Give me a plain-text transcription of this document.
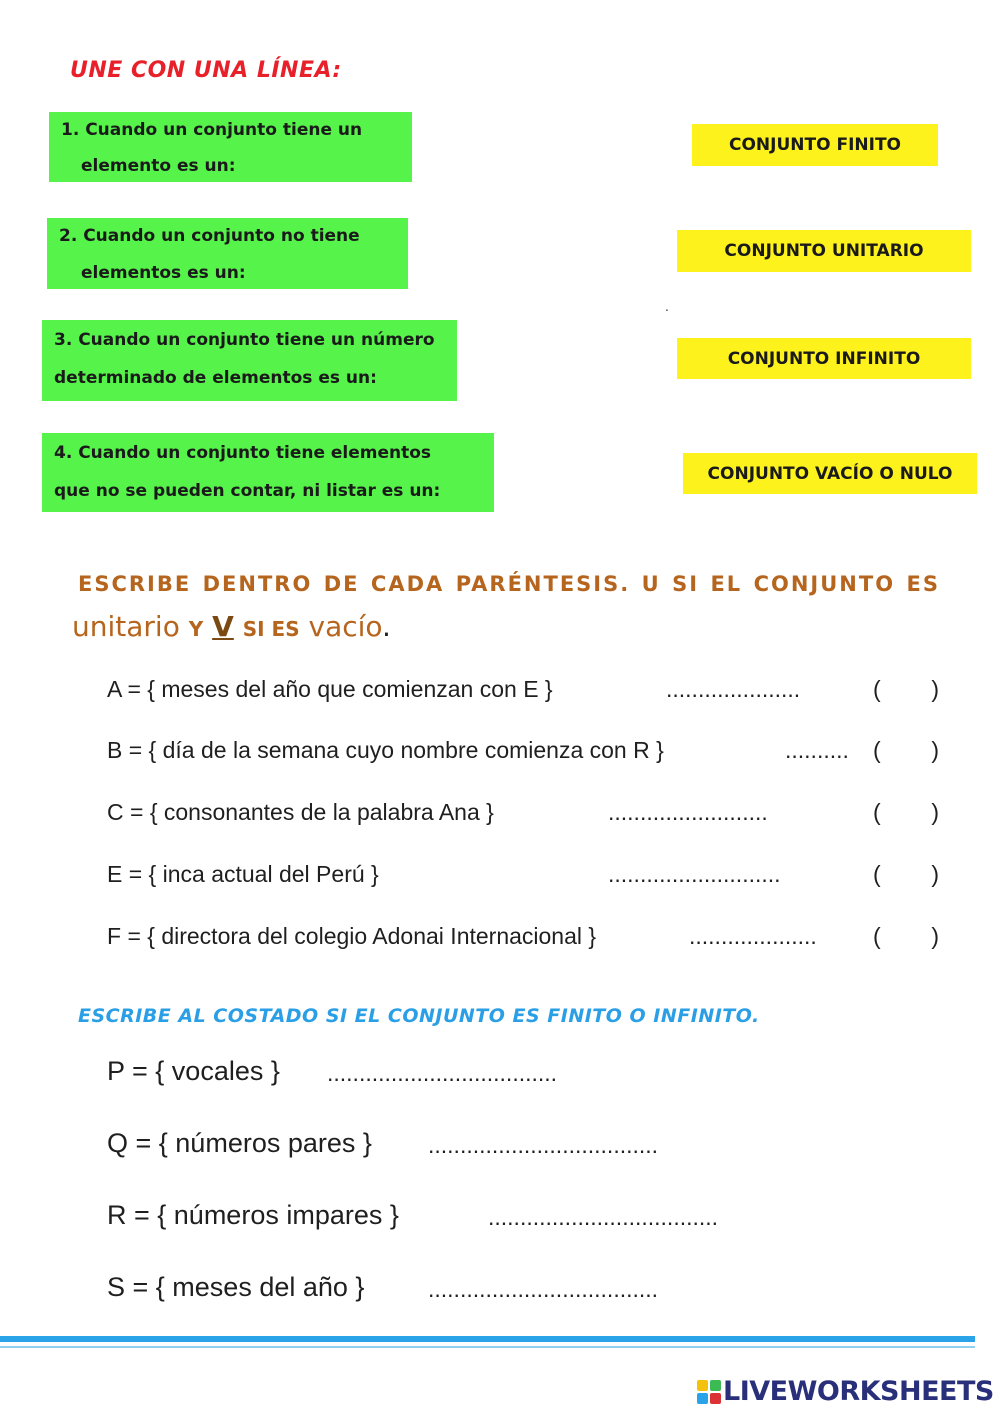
UNE CON UNA LÍNEA:
1. Cuando un conjunto tiene un
elemento es un:
2. Cuando un conjunto no tiene
elementos es un:
3. Cuando un conjunto tiene un número
determinado de elementos es un:
4. Cuando un conjunto tiene elementos
que no se pueden contar, ni listar es un:
CONJUNTO FINITO
CONJUNTO UNITARIO
CONJUNTO INFINITO
CONJUNTO VACÍO O NULO
.
ESCRIBE DENTRO DE CADA PARÉNTESIS. U SI EL CONJUNTO ES
unitario Y V SI ES vacío.
A = { meses del año que comienzan con E }	.....................	( )
B = { día de la semana cuyo nombre comienza con R }	.......... ( )
C = { consonantes de la palabra Ana }	.........................	( )
E = { inca actual del Perú }	...........................	( )
F = { directora del colegio Adonai Internacional }	.................... ( )
ESCRIBE AL COSTADO SI EL CONJUNTO ES FINITO O INFINITO.
P = { vocales } ....................................
Q = { números pares } ....................................
R = { números impares }	....................................
S = { meses del año }	....................................
LIVEWORKSHEETS
